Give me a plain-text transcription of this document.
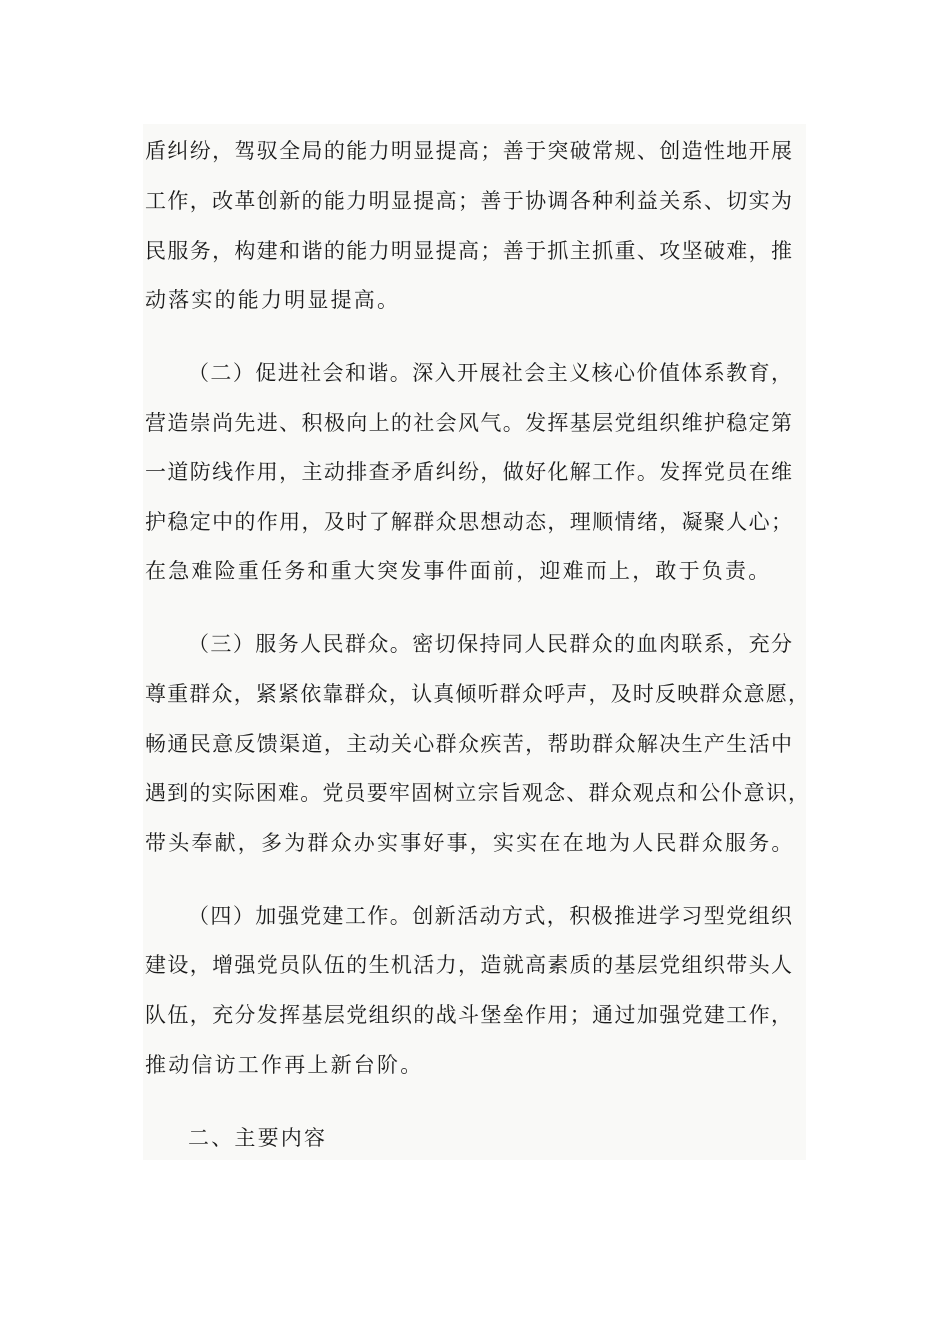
盾纠纷，驾驭全局的能力明显提高；善于突破常规、创造性地开展
工作，改革创新的能力明显提高；善于协调各种利益关系、切实为
民服务，构建和谐的能力明显提高；善于抓主抓重、攻坚破难，推
动落实的能力明显提高。
（二）促进社会和谐。深入开展社会主义核心价值体系教育，
营造崇尚先进、积极向上的社会风气。发挥基层党组织维护稳定第
一道防线作用，主动排查矛盾纠纷，做好化解工作。发挥党员在维
护稳定中的作用，及时了解群众思想动态，理顺情绪，凝聚人心；
在急难险重任务和重大突发事件面前，迎难而上，敢于负责。
（三）服务人民群众。密切保持同人民群众的血肉联系，充分
尊重群众，紧紧依靠群众，认真倾听群众呼声，及时反映群众意愿，
畅通民意反馈渠道，主动关心群众疾苦，帮助群众解决生产生活中
遇到的实际困难。党员要牢固树立宗旨观念、群众观点和公仆意识，
带头奉献，多为群众办实事好事，实实在在地为人民群众服务。
（四）加强党建工作。创新活动方式，积极推进学习型党组织
建设，增强党员队伍的生机活力，造就高素质的基层党组织带头人
队伍，充分发挥基层党组织的战斗堡垒作用；通过加强党建工作，
推动信访工作再上新台阶。
二、主要内容
